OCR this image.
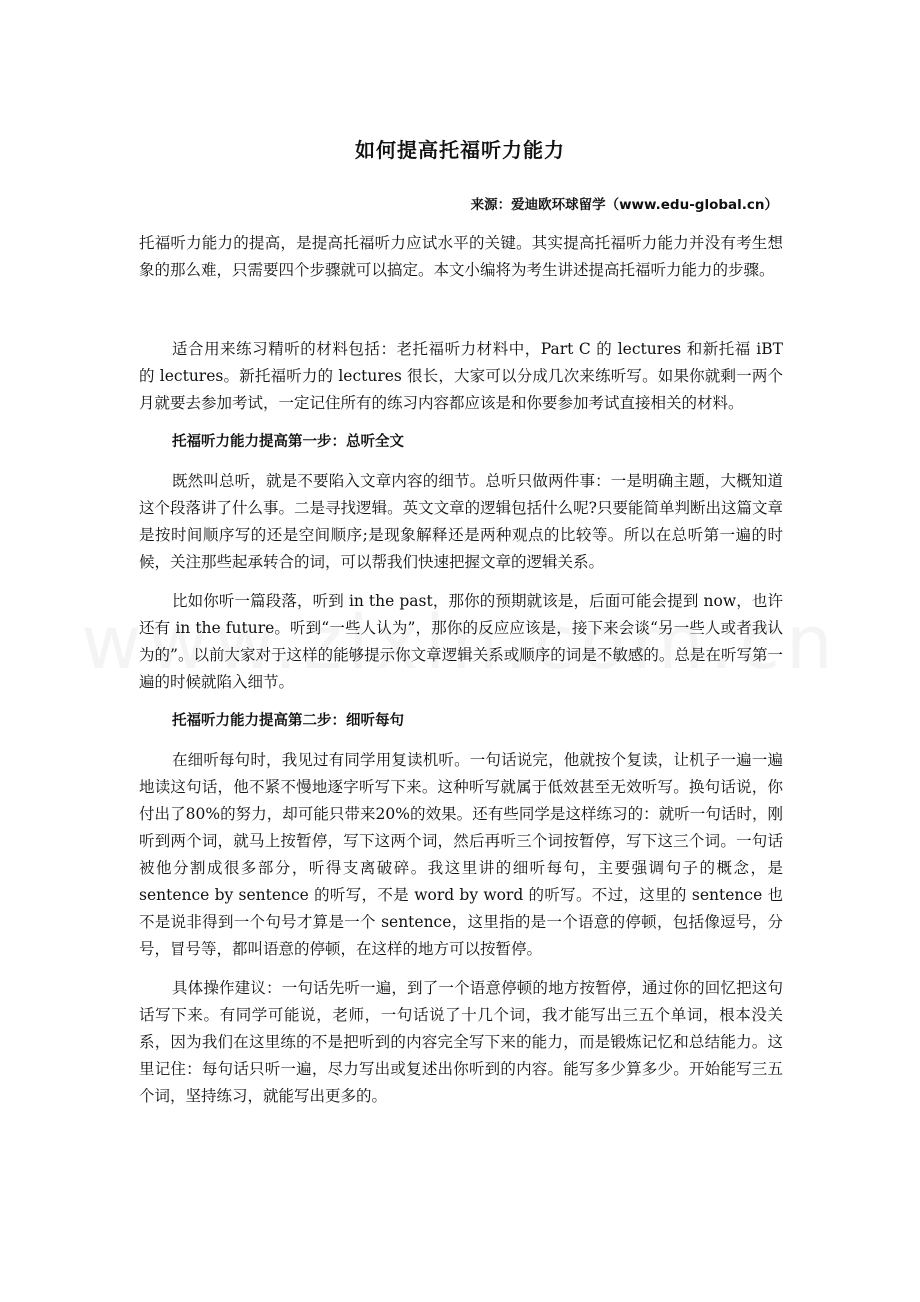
如何提高托福听力能力
来源：爱迪欧环球留学（www.edu-global.cn）

托福听力能力的提高，是提高托福听力应试水平的关键。其实提高托福听力能力并没有考生想象的那么难，只需要四个步骤就可以搞定。本文小编将为考生讲述提高托福听力能力的步骤。

适合用来练习精听的材料包括：老托福听力材料中，Part C 的 lectures 和新托福 iBT 的 lectures。新托福听力的 lectures 很长，大家可以分成几次来练听写。如果你就剩一两个月就要去参加考试，一定记住所有的练习内容都应该是和你要参加考试直接相关的材料。

托福听力能力提高第一步：总听全文

既然叫总听，就是不要陷入文章内容的细节。总听只做两件事：一是明确主题，大概知道这个段落讲了什么事。二是寻找逻辑。英文文章的逻辑包括什么呢?只要能简单判断出这篇文章是按时间顺序写的还是空间顺序;是现象解释还是两种观点的比较等。所以在总听第一遍的时候，关注那些起承转合的词，可以帮我们快速把握文章的逻辑关系。

比如你听一篇段落，听到 in the past，那你的预期就该是，后面可能会提到 now，也许还有 in the future。听到“一些人认为”，那你的反应应该是，接下来会谈“另一些人或者我认为的”。以前大家对于这样的能够提示你文章逻辑关系或顺序的词是不敏感的。总是在听写第一遍的时候就陷入细节。

托福听力能力提高第二步：细听每句

在细听每句时，我见过有同学用复读机听。一句话说完，他就按个复读，让机子一遍一遍地读这句话，他不紧不慢地逐字听写下来。这种听写就属于低效甚至无效听写。换句话说，你付出了80%的努力，却可能只带来20%的效果。还有些同学是这样练习的：就听一句话时，刚听到两个词，就马上按暂停，写下这两个词，然后再听三个词按暂停，写下这三个词。一句话被他分割成很多部分，听得支离破碎。我这里讲的细听每句，主要强调句子的概念，是 sentence by sentence 的听写，不是 word by word 的听写。不过，这里的 sentence 也不是说非得到一个句号才算是一个 sentence，这里指的是一个语意的停顿，包括像逗号，分号，冒号等，都叫语意的停顿，在这样的地方可以按暂停。

具体操作建议：一句话先听一遍，到了一个语意停顿的地方按暂停，通过你的回忆把这句话写下来。有同学可能说，老师，一句话说了十几个词，我才能写出三五个单词，根本没关系，因为我们在这里练的不是把听到的内容完全写下来的能力，而是锻炼记忆和总结能力。这里记住：每句话只听一遍，尽力写出或复述出你听到的内容。能写多少算多少。开始能写三五个词，坚持练习，就能写出更多的。
